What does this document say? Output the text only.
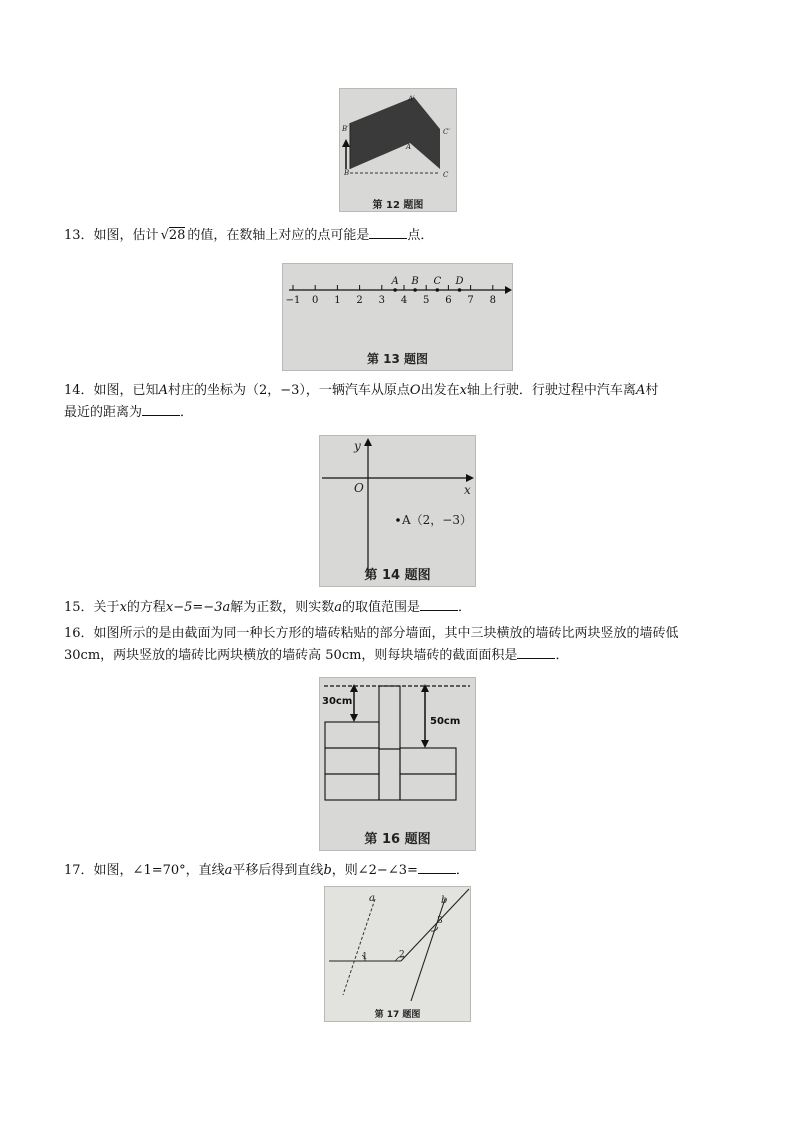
A′
A
B′
B
C′
C
第 12 题图
13．如图，估计 √28 的值，在数轴上对应的点可能是	点．
−1 0 1 2 3 4 5 6 7 8
A B C D
第 13 题图
14．如图，已知A村庄的坐标为（2，−3），一辆汽车从原点O出发在x轴上行驶．行驶过程中汽车离A村
最近的距离为	．
x
y
O
A（2，−3）
第 14 题图
15．关于x的方程x−5=−3a解为正数，则实数a的取值范围是	．
16．如图所示的是由截面为同一种长方形的墙砖粘贴的部分墙面，其中三块横放的墙砖比两块竖放的墙砖低
30cm，两块竖放的墙砖比两块横放的墙砖高 50cm，则每块墙砖的截面面积是	．
30cm
50cm
第 16 题图
17．如图，∠1=70°，直线a平移后得到直线b，则∠2−∠3=	．
a	b
1	2
3
第 17 题图
